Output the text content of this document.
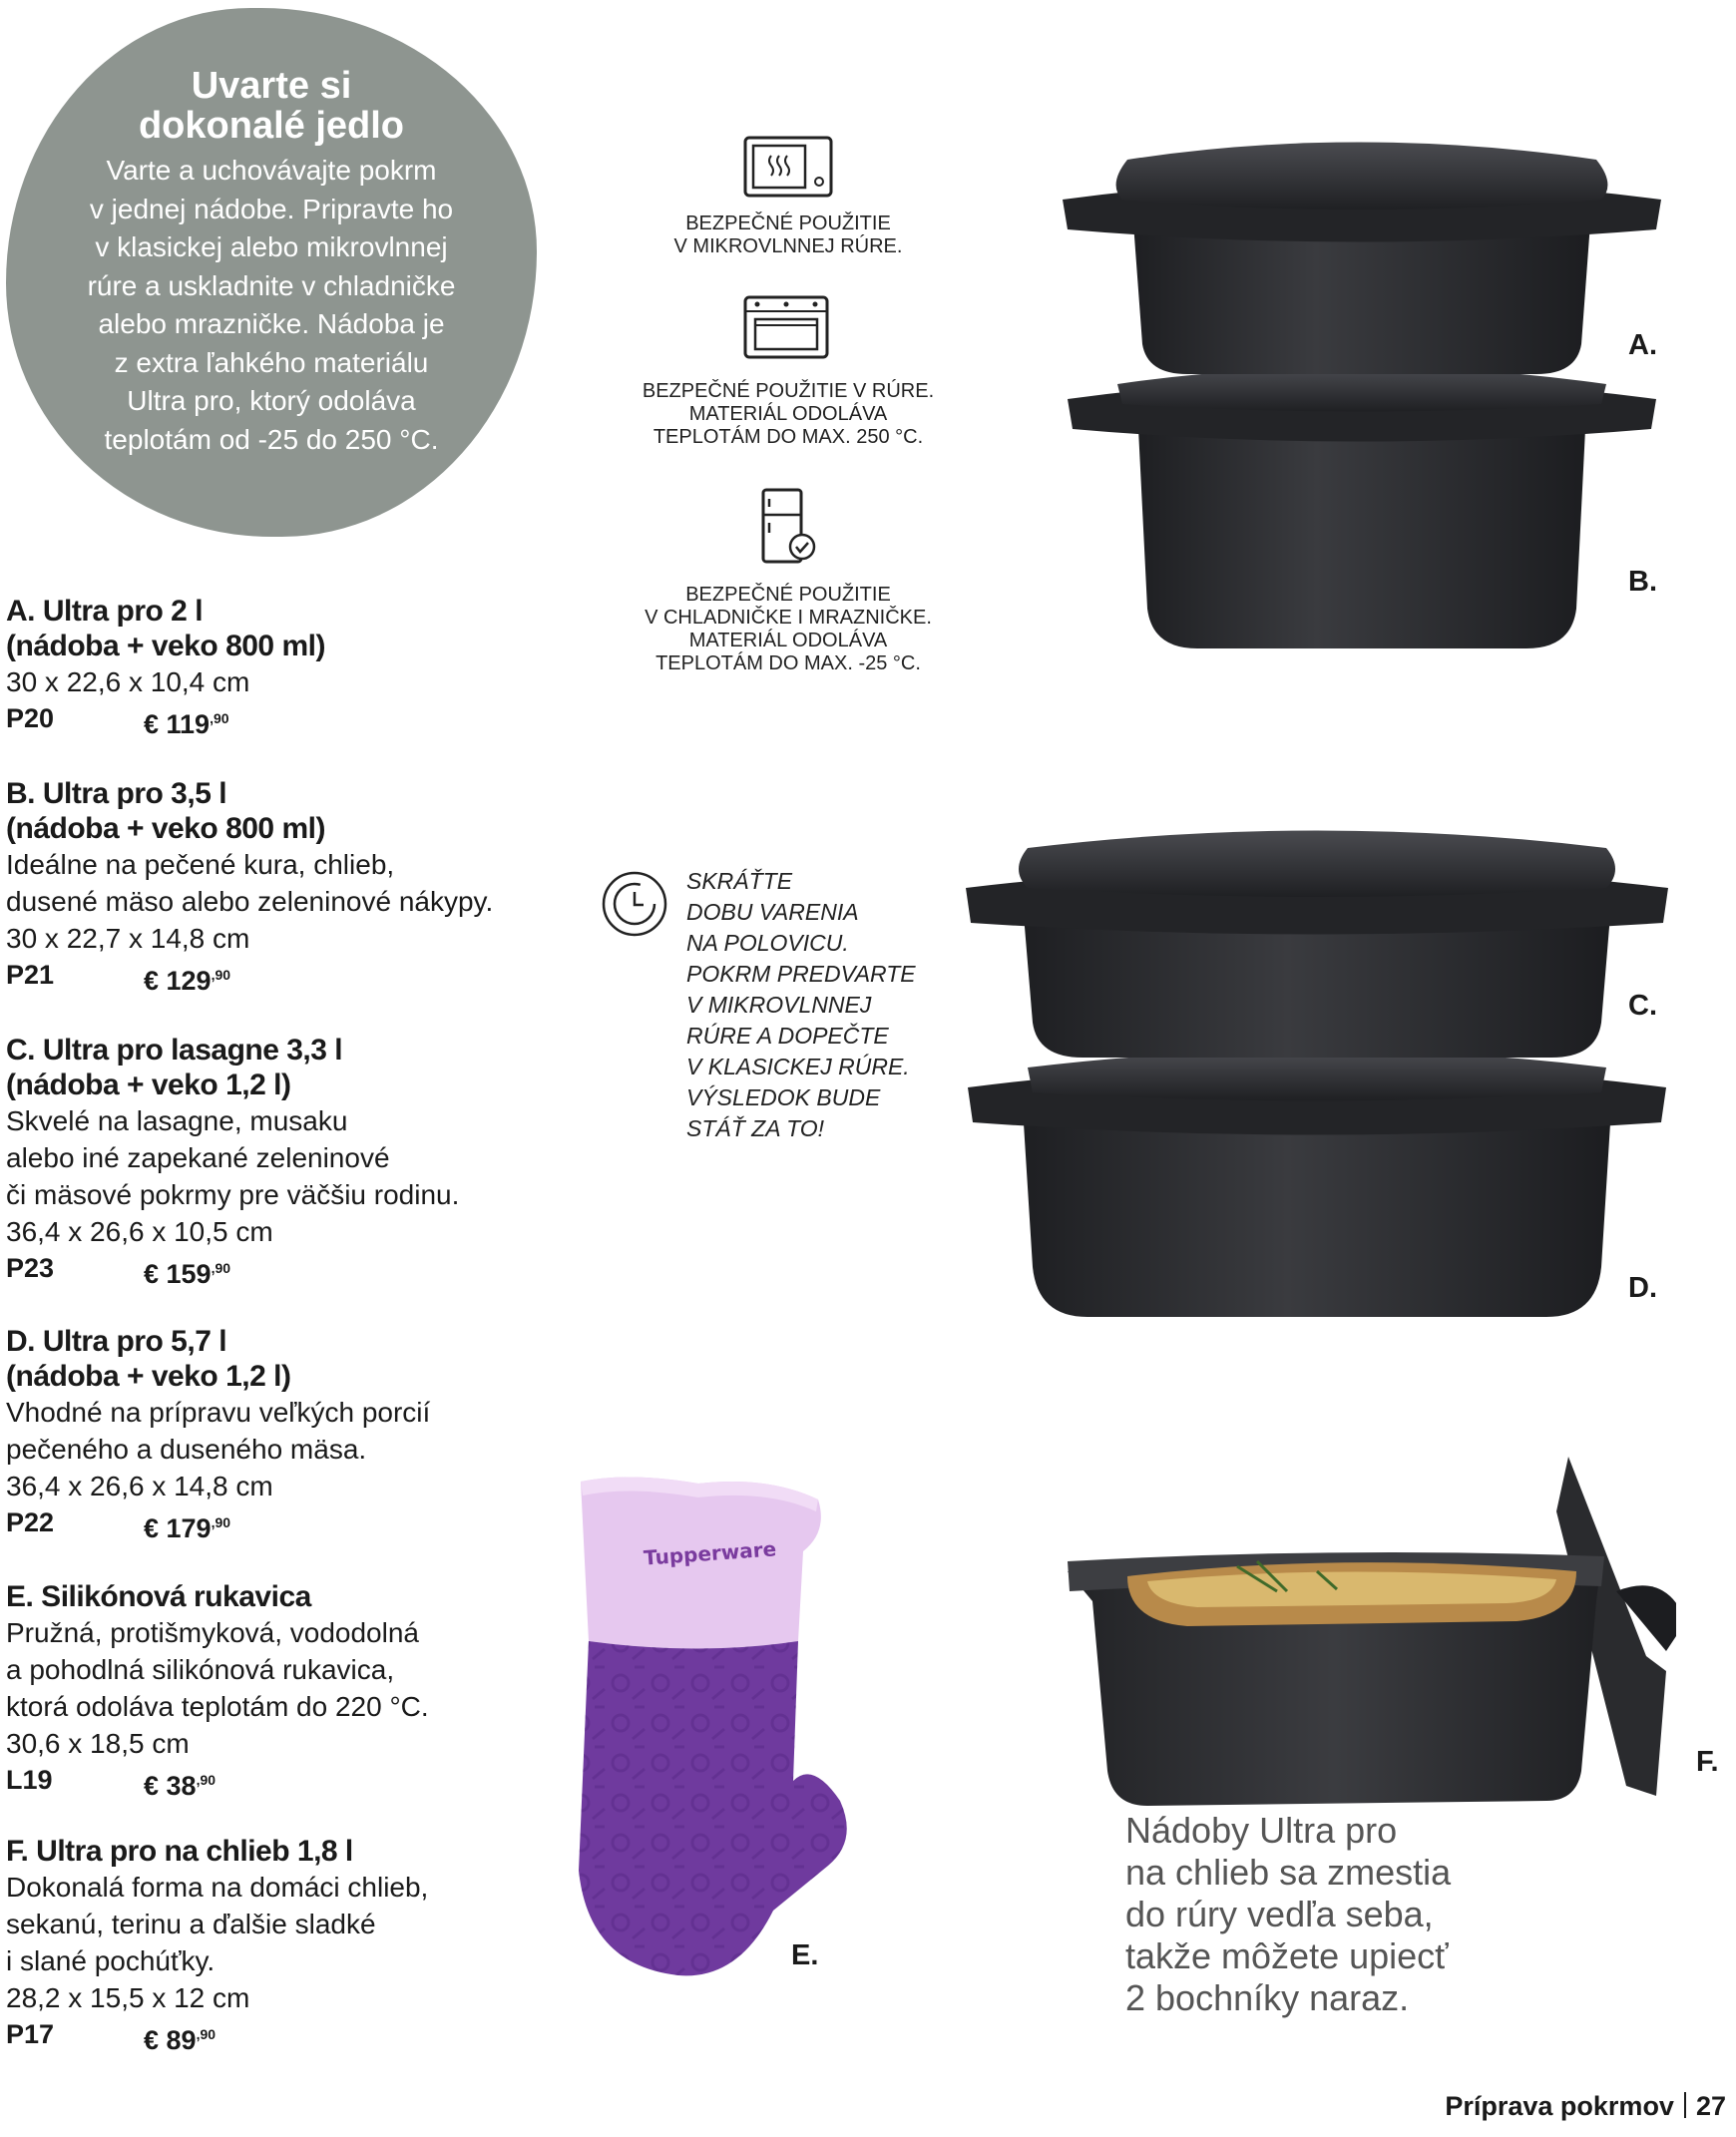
Uvarte si
dokonalé jedlo
Varte a uchovávajte pokrm
v jednej nádobe. Pripravte ho
v klasickej alebo mikrovlnnej
rúre a uskladnite v chladničke
alebo mrazničke. Nádoba je
z extra ľahkého materiálu
Ultra pro, ktorý odoláva
teplotám od -25 do 250 °C.
BEZPEČNÉ POUŽITIE
V MIKROVLNNEJ RÚRE.
BEZPEČNÉ POUŽITIE V RÚRE.
MATERIÁL ODOLÁVA
TEPLOTÁM DO MAX. 250 °C.
BEZPEČNÉ POUŽITIE
V CHLADNIČKE I MRAZNIČKE.
MATERIÁL ODOLÁVA
TEPLOTÁM DO MAX. -25 °C.
SKRÁŤTE
DOBU VARENIA
NA POLOVICU.
POKRM PREDVARTE
V MIKROVLNNEJ
RÚRE A DOPEČTE
V KLASICKEJ RÚRE.
VÝSLEDOK BUDE
STÁŤ ZA TO!
A. Ultra pro 2 l
(nádoba + veko 800 ml)
30 x 22,6 x 10,4 cm
P20	€ $119^{,90}$
B. Ultra pro 3,5 l
(nádoba + veko 800 ml)
Ideálne na pečené kura, chlieb,
dusené mäso alebo zeleninové nákypy.
30 x 22,7 x 14,8 cm
P21	€ $129^{,90}$
C. Ultra pro lasagne 3,3 l
(nádoba + veko 1,2 l)
Skvelé na lasagne, musaku
alebo iné zapekané zeleninové
či mäsové pokrmy pre väčšiu rodinu.
36,4 x 26,6 x 10,5 cm
P23	€ $159^{,90}$
D. Ultra pro 5,7 l
(nádoba + veko 1,2 l)
Vhodné na prípravu veľkých porcií
pečeného a duseného mäsa.
36,4 x 26,6 x 14,8 cm
P22	€ $179^{,90}$
E. Silikónová rukavica
Pružná, protišmyková, vododolná
a pohodlná silikónová rukavica,
ktorá odoláva teplotám do 220 °C.
30,6 x 18,5 cm
L19	€ $38^{,90}$
F. Ultra pro na chlieb 1,8 l
Dokonalá forma na domáci chlieb,
sekanú, terinu a ďalšie sladké
i slané pochúťky.
28,2 x 15,5 x 12 cm
P17	€ $89^{,90}$
A.
B.
C.
D.
Tupperware
E.
F.
Nádoby Ultra pro
na chlieb sa zmestia
do rúry vedľa seba,
takže môžete upiecť
2 bochníky naraz.
Príprava pokrmov 27
